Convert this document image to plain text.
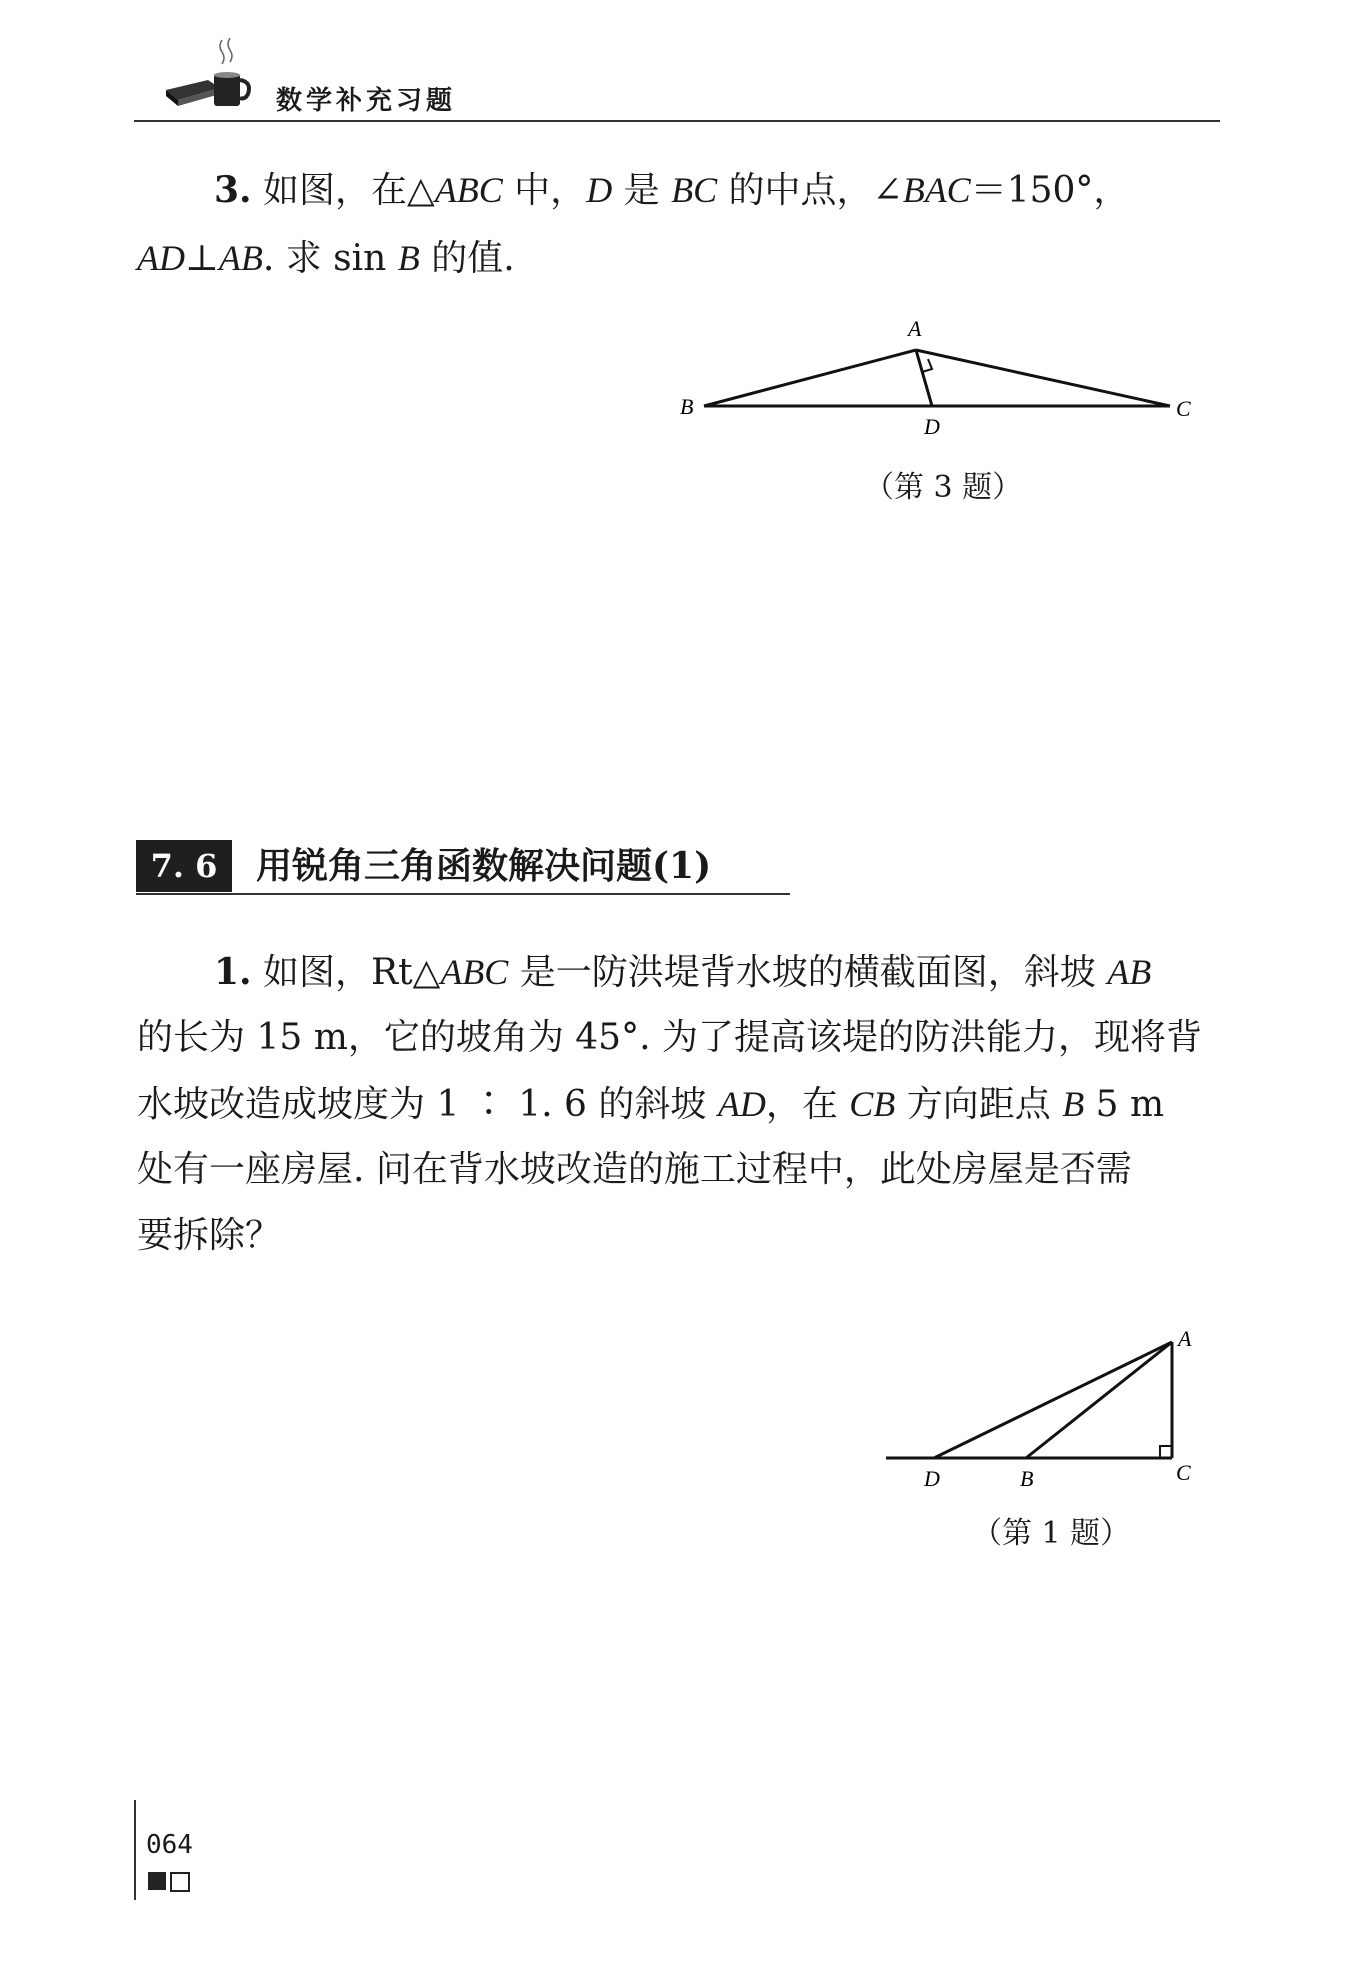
数学补充习题
3. 如图，在△ABC 中，D 是 BC 的中点，∠BAC＝150°，
AD⊥AB. 求 sin B 的值.
A
B	C
D
（第 3 题）
7. 6	用锐角三角函数解决问题(1)
1. 如图，Rt△ABC 是一防洪堤背水坡的横截面图，斜坡 AB
的长为 15 m，它的坡角为 45°. 为了提高该堤的防洪能力，现将背
水坡改造成坡度为 1 ∶ 1. 6 的斜坡 AD，在 CB 方向距点 B 5 m
处有一座房屋. 问在背水坡改造的施工过程中，此处房屋是否需
要拆除？
A
C
D	B
（第 1 题）
064
